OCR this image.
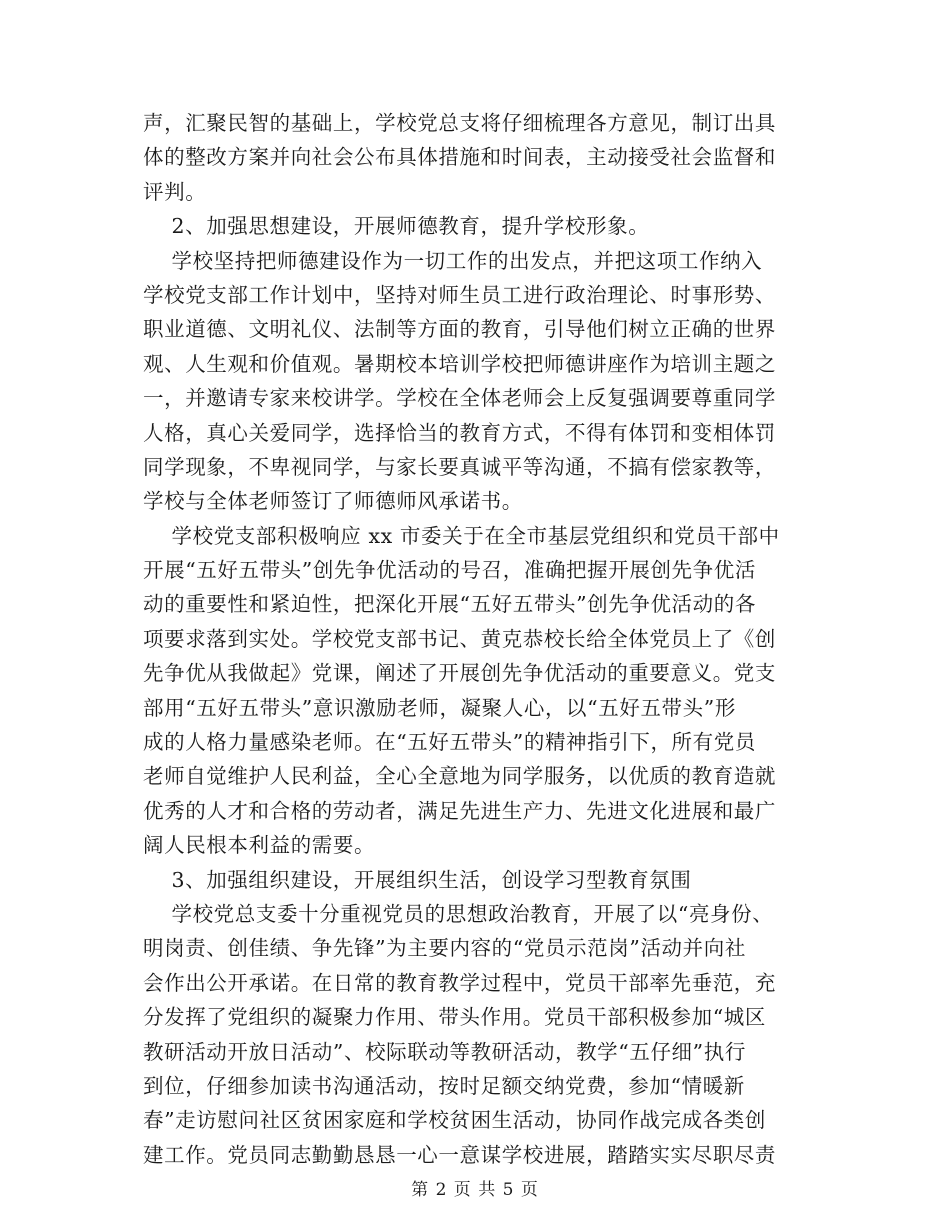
声，汇聚民智的基础上，学校党总支将仔细梳理各方意见，制订出具
体的整改方案并向社会公布具体措施和时间表，主动接受社会监督和
评判。
2、加强思想建设，开展师德教育，提升学校形象。
学校坚持把师德建设作为一切工作的出发点，并把这项工作纳入
学校党支部工作计划中，坚持对师生员工进行政治理论、时事形势、
职业道德、文明礼仪、法制等方面的教育，引导他们树立正确的世界
观、人生观和价值观。暑期校本培训学校把师德讲座作为培训主题之
一，并邀请专家来校讲学。学校在全体老师会上反复强调要尊重同学
人格，真心关爱同学，选择恰当的教育方式，不得有体罚和变相体罚
同学现象，不卑视同学，与家长要真诚平等沟通，不搞有偿家教等，
学校与全体老师签订了师德师风承诺书。
学校党支部积极响应 xx 市委关于在全市基层党组织和党员干部中
开展“五好五带头”创先争优活动的号召，准确把握开展创先争优活
动的重要性和紧迫性，把深化开展“五好五带头”创先争优活动的各
项要求落到实处。学校党支部书记、黄克恭校长给全体党员上了《创
先争优从我做起》党课，阐述了开展创先争优活动的重要意义。党支
部用“五好五带头”意识激励老师，凝聚人心，以“五好五带头”形
成的人格力量感染老师。在“五好五带头”的精神指引下，所有党员
老师自觉维护人民利益，全心全意地为同学服务，以优质的教育造就
优秀的人才和合格的劳动者，满足先进生产力、先进文化进展和最广
阔人民根本利益的需要。
3、加强组织建设，开展组织生活，创设学习型教育氛围
学校党总支委十分重视党员的思想政治教育，开展了以“亮身份、
明岗责、创佳绩、争先锋”为主要内容的“党员示范岗”活动并向社
会作出公开承诺。在日常的教育教学过程中，党员干部率先垂范，充
分发挥了党组织的凝聚力作用、带头作用。党员干部积极参加“城区
教研活动开放日活动”、校际联动等教研活动，教学“五仔细”执行
到位，仔细参加读书沟通活动，按时足额交纳党费，参加“情暖新
春”走访慰问社区贫困家庭和学校贫困生活动，协同作战完成各类创
建工作。党员同志勤勤恳恳一心一意谋学校进展，踏踏实实尽职尽责
第 2 页 共 5 页
